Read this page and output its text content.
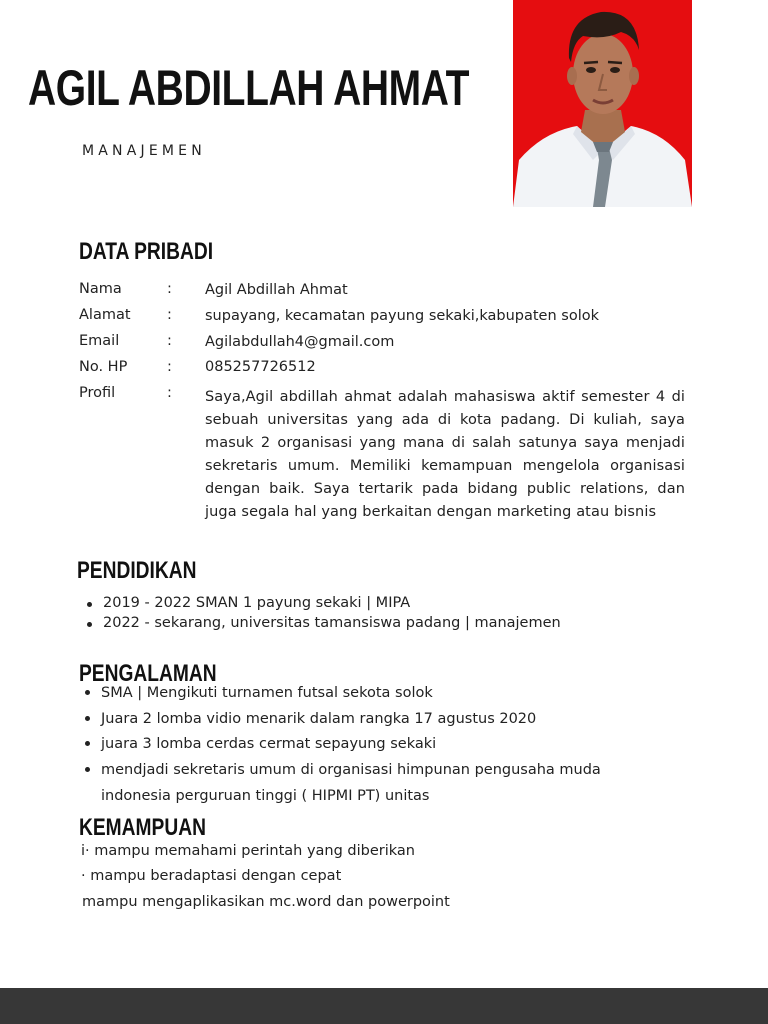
AGIL ABDILLAH AHMAT
MANAJEMEN
DATA PRIBADI
Nama	: Agil Abdillah Ahmat
Alamat	: supayang, kecamatan payung sekaki,kabupaten solok
Email	: Agilabdullah4@gmail.com
No. HP	: 085257726512
Profil	: Saya,Agil abdillah ahmat adalah mahasiswa aktif semester 4 di sebuah universitas yang ada di kota padang. Di kuliah, saya masuk 2 organisasi yang mana di salah satunya saya menjadi sekretaris umum. Memiliki kemampuan mengelola organisasi dengan baik. Saya tertarik pada bidang public relations, dan juga segala hal yang berkaitan dengan marketing atau bisnis
PENDIDIKAN
2019 - 2022 SMAN 1 payung sekaki | MIPA
2022 - sekarang, universitas tamansiswa padang | manajemen
PENGALAMAN
SMA | Mengikuti turnamen futsal sekota solok
Juara 2 lomba vidio menarik dalam rangka 17 agustus 2020
juara 3 lomba cerdas cermat sepayung sekaki
mendjadi sekretaris umum di organisasi himpunan pengusaha muda
indonesia perguruan tinggi ( HIPMI PT) unitas
KEMAMPUAN
i· mampu memahami perintah yang diberikan
· mampu beradaptasi dengan cepat
mampu mengaplikasikan mc.word dan powerpoint
